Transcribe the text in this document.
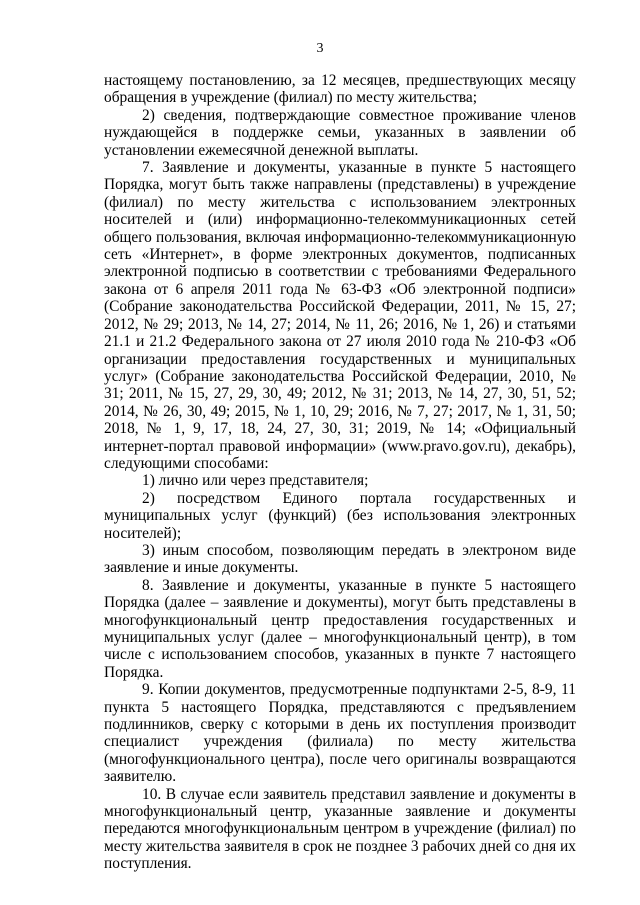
3

настоящему постановлению, за 12 месяцев, предшествующих месяцу обращения в учреждение (филиал) по месту жительства;

2) сведения, подтверждающие совместное проживание членов нуждающейся в поддержке семьи, указанных в заявлении об установлении ежемесячной денежной выплаты.

7. Заявление и документы, указанные в пункте 5 настоящего Порядка, могут быть также направлены (представлены) в учреждение (филиал) по месту жительства с использованием электронных носителей и (или) информационно-телекоммуникационных сетей общего пользования, включая информационно-телекоммуникационную сеть «Интернет», в форме электронных документов, подписанных электронной подписью в соответствии с требованиями Федерального закона от 6 апреля 2011 года № 63-ФЗ «Об электронной подписи» (Собрание законодательства Российской Федерации, 2011, № 15, 27; 2012, № 29; 2013, № 14, 27; 2014, № 11, 26; 2016, № 1, 26) и статьями 21.1 и 21.2 Федерального закона от 27 июля 2010 года № 210-ФЗ «Об организации предоставления государственных и муниципальных услуг» (Собрание законодательства Российской Федерации, 2010, № 31; 2011, № 15, 27, 29, 30, 49; 2012, № 31; 2013, № 14, 27, 30, 51, 52; 2014, № 26, 30, 49; 2015, № 1, 10, 29; 2016, № 7, 27; 2017, № 1, 31, 50; 2018, № 1, 9, 17, 18, 24, 27, 30, 31; 2019, № 14; «Официальный интернет-портал правовой информации» (www.pravo.gov.ru), декабрь), следующими способами:

1) лично или через представителя;

2) посредством Единого портала государственных и муниципальных услуг (функций) (без использования электронных носителей);

3) иным способом, позволяющим передать в электроном виде заявление и иные документы.

8. Заявление и документы, указанные в пункте 5 настоящего Порядка (далее – заявление и документы), могут быть представлены в многофункциональный центр предоставления государственных и муниципальных услуг (далее – многофункциональный центр), в том числе с использованием способов, указанных в пункте 7 настоящего Порядка.

9. Копии документов, предусмотренные подпунктами 2-5, 8-9, 11 пункта 5 настоящего Порядка, представляются с предъявлением подлинников, сверку с которыми в день их поступления производит специалист учреждения (филиала) по месту жительства (многофункционального центра), после чего оригиналы возвращаются заявителю.

10. В случае если заявитель представил заявление и документы в многофункциональный центр, указанные заявление и документы передаются многофункциональным центром в учреждение (филиал) по месту жительства заявителя в срок не позднее 3 рабочих дней со дня их поступления.
